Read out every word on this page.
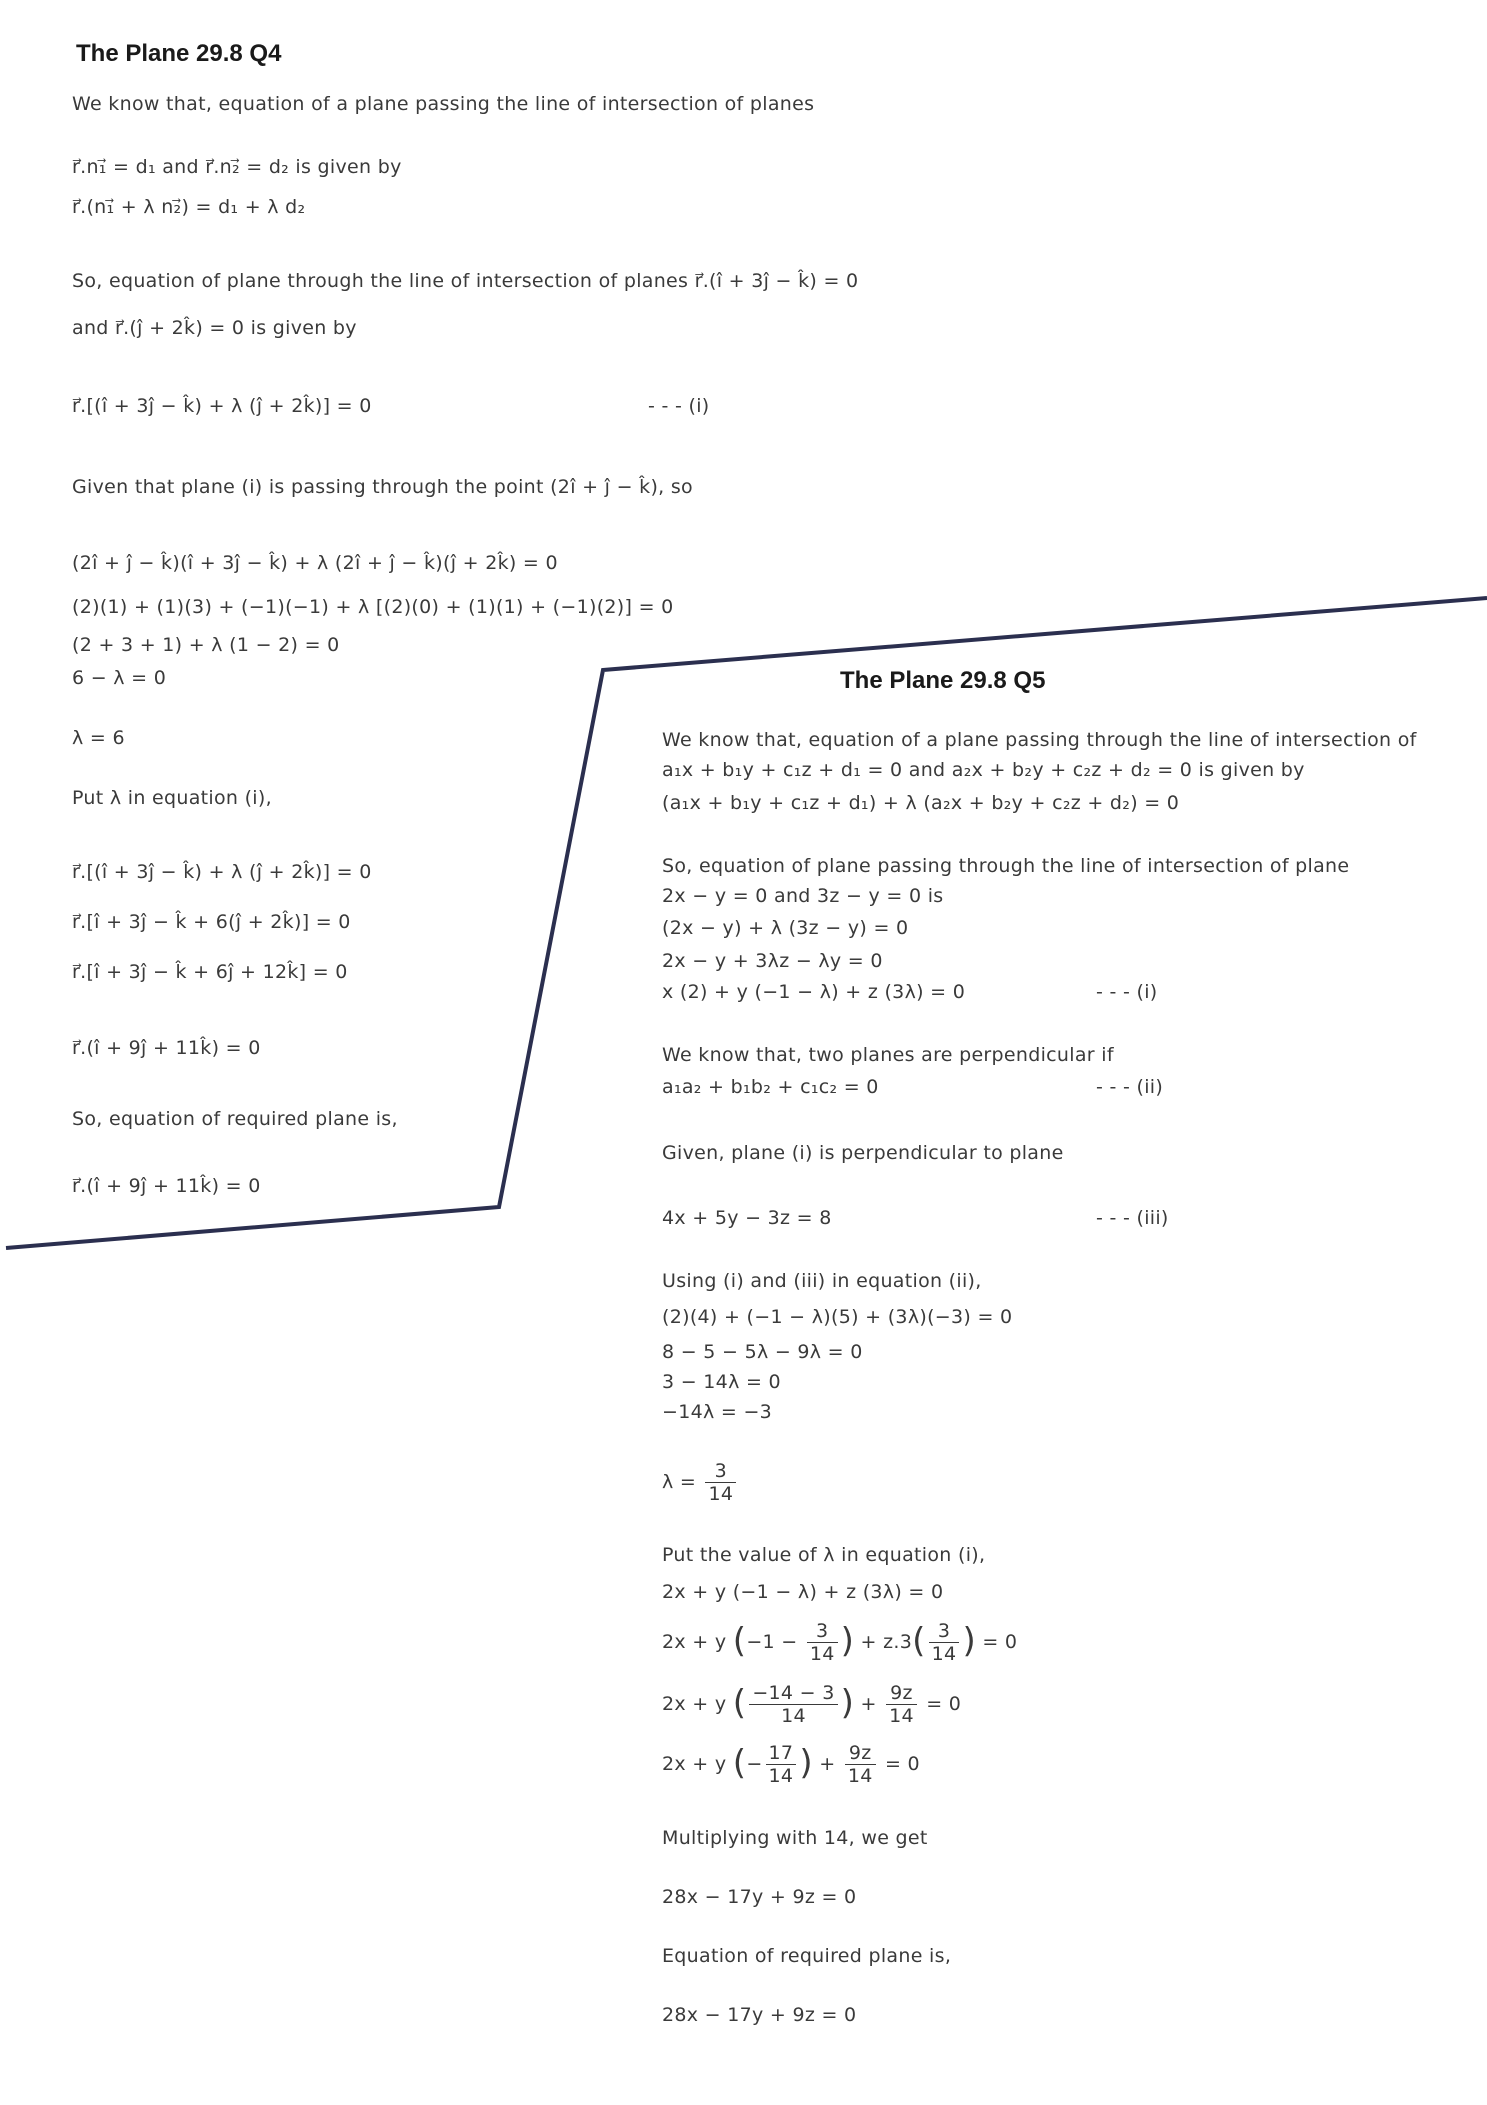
The Plane 29.8 Q4
We know that, equation of a plane passing the line of intersection of planes
r⃗.n₁⃗ = d₁ and r⃗.n₂⃗ = d₂ is given by
r⃗.(n₁⃗ + λ n₂⃗) = d₁ + λ d₂
So, equation of plane through the line of intersection of planes r⃗.(î + 3ĵ − k̂) = 0
and r⃗.(ĵ + 2k̂) = 0 is given by
r⃗.[(î + 3ĵ − k̂) + λ (ĵ + 2k̂)] = 0	- - - (i)
Given that plane (i) is passing through the point (2î + ĵ − k̂), so
(2î + ĵ − k̂)(î + 3ĵ − k̂) + λ (2î + ĵ − k̂)(ĵ + 2k̂) = 0
(2)(1) + (1)(3) + (−1)(−1) + λ [(2)(0) + (1)(1) + (−1)(2)] = 0
(2 + 3 + 1) + λ (1 − 2) = 0
6 − λ = 0
λ = 6
Put λ in equation (i),
r⃗.[(î + 3ĵ − k̂) + λ (ĵ + 2k̂)] = 0
r⃗.[î + 3ĵ − k̂ + 6(ĵ + 2k̂)] = 0
r⃗.[î + 3ĵ − k̂ + 6ĵ + 12k̂] = 0
r⃗.(î + 9ĵ + 11k̂) = 0
So, equation of required plane is,
r⃗.(î + 9ĵ + 11k̂) = 0
The Plane 29.8 Q5
We know that, equation of a plane passing through the line of intersection of
a₁x + b₁y + c₁z + d₁ = 0 and a₂x + b₂y + c₂z + d₂ = 0 is given by
(a₁x + b₁y + c₁z + d₁) + λ (a₂x + b₂y + c₂z + d₂) = 0
So, equation of plane passing through the line of intersection of plane
2x − y = 0 and 3z − y = 0 is
(2x − y) + λ (3z − y) = 0
2x − y + 3λz − λy = 0
x (2) + y (−1 − λ) + z (3λ) = 0	- - - (i)
We know that, two planes are perpendicular if
a₁a₂ + b₁b₂ + c₁c₂ = 0	- - - (ii)
Given, plane (i) is perpendicular to plane
4x + 5y − 3z = 8	- - - (iii)
Using (i) and (iii) in equation (ii),
(2)(4) + (−1 − λ)(5) + (3λ)(−3) = 0
8 − 5 − 5λ − 9λ = 0
3 − 14λ = 0
−14λ = −3
$\lambda = \frac{3}{14}$
Put the value of λ in equation (i),
2x + y (−1 − λ) + z (3λ) = 0
2x + y ($-1 - \frac{3}{14}$ ) + $z.3( \frac{3}{14}$ ) = 0
2x + y ( $\frac{-14 - 3}{14}$ ) + $\frac{9z}{14} = 0$
2x + y (− $\frac{17}{14}$ ) + $\frac{9z}{14} = 0$
Multiplying with 14, we get
28x − 17y + 9z = 0
Equation of required plane is,
28x − 17y + 9z = 0
